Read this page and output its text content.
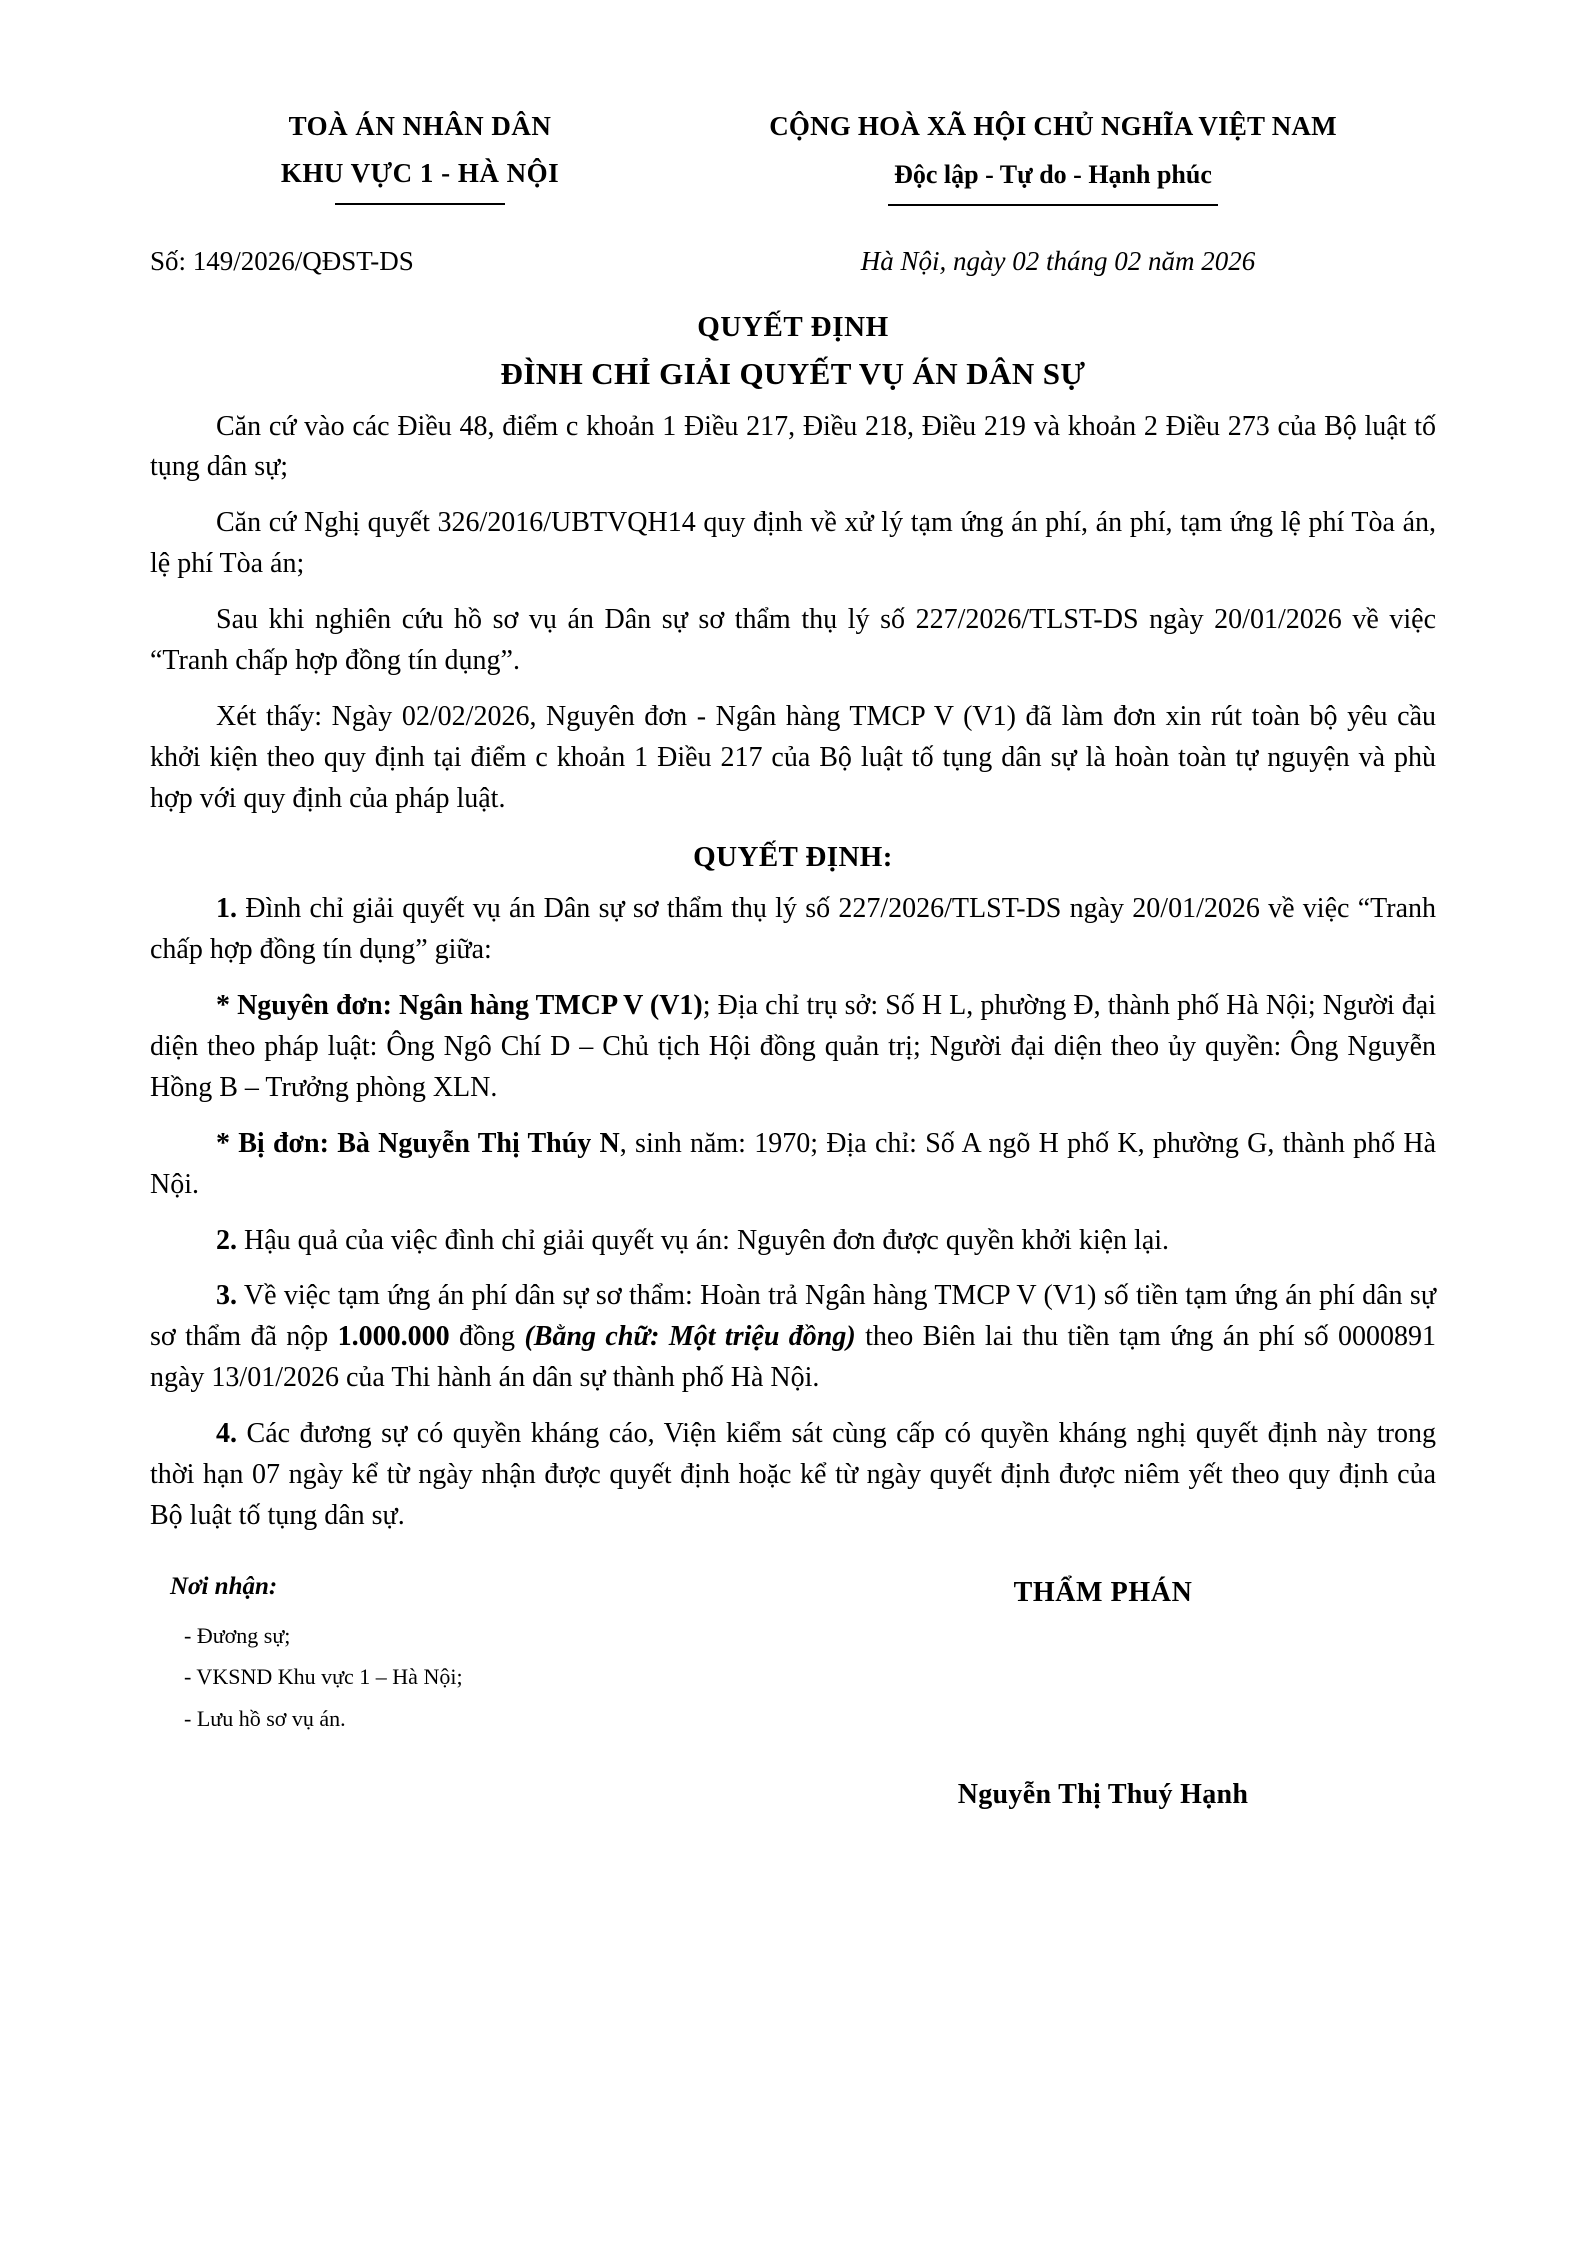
TOÀ ÁN NHÂN DÂN
KHU VỰC 1 - HÀ NỘI
CỘNG HOÀ XÃ HỘI CHỦ NGHĨA VIỆT NAM
Độc lập - Tự do - Hạnh phúc
Số: 149/2026/QĐST-DS	Hà Nội, ngày 02 tháng 02 năm 2026
QUYẾT ĐỊNH
ĐÌNH CHỈ GIẢI QUYẾT VỤ ÁN DÂN SỰ

Căn cứ vào các Điều 48, điểm c khoản 1 Điều 217, Điều 218, Điều 219 và khoản 2 Điều 273 của Bộ luật tố tụng dân sự;

Căn cứ Nghị quyết 326/2016/UBTVQH14 quy định về xử lý tạm ứng án phí, án phí, tạm ứng lệ phí Tòa án, lệ phí Tòa án;

Sau khi nghiên cứu hồ sơ vụ án Dân sự sơ thẩm thụ lý số 227/2026/TLST-DS ngày 20/01/2026 về việc “Tranh chấp hợp đồng tín dụng”.

Xét thấy: Ngày 02/02/2026, Nguyên đơn - Ngân hàng TMCP V (V1) đã làm đơn xin rút toàn bộ yêu cầu khởi kiện theo quy định tại điểm c khoản 1 Điều 217 của Bộ luật tố tụng dân sự là hoàn toàn tự nguyện và phù hợp với quy định của pháp luật.

QUYẾT ĐỊNH:

1. Đình chỉ giải quyết vụ án Dân sự sơ thẩm thụ lý số 227/2026/TLST-DS ngày 20/01/2026 về việc “Tranh chấp hợp đồng tín dụng” giữa:

* Nguyên đơn: Ngân hàng TMCP V (V1); Địa chỉ trụ sở: Số H L, phường Đ, thành phố Hà Nội; Người đại diện theo pháp luật: Ông Ngô Chí D – Chủ tịch Hội đồng quản trị; Người đại diện theo ủy quyền: Ông Nguyễn Hồng B – Trưởng phòng XLN.

* Bị đơn: Bà Nguyễn Thị Thúy N, sinh năm: 1970; Địa chỉ: Số A ngõ H phố K, phường G, thành phố Hà Nội.

2. Hậu quả của việc đình chỉ giải quyết vụ án: Nguyên đơn được quyền khởi kiện lại.

3. Về việc tạm ứng án phí dân sự sơ thẩm: Hoàn trả Ngân hàng TMCP V (V1) số tiền tạm ứng án phí dân sự sơ thẩm đã nộp 1.000.000 đồng (Bằng chữ: Một triệu đồng) theo Biên lai thu tiền tạm ứng án phí số 0000891 ngày 13/01/2026 của Thi hành án dân sự thành phố Hà Nội.

4. Các đương sự có quyền kháng cáo, Viện kiểm sát cùng cấp có quyền kháng nghị quyết định này trong thời hạn 07 ngày kể từ ngày nhận được quyết định hoặc kể từ ngày quyết định được niêm yết theo quy định của Bộ luật tố tụng dân sự.

Nơi nhận:
- Đương sự;
- VKSND Khu vực 1 – Hà Nội;
- Lưu hồ sơ vụ án.
THẨM PHÁN
Nguyễn Thị Thuý Hạnh
